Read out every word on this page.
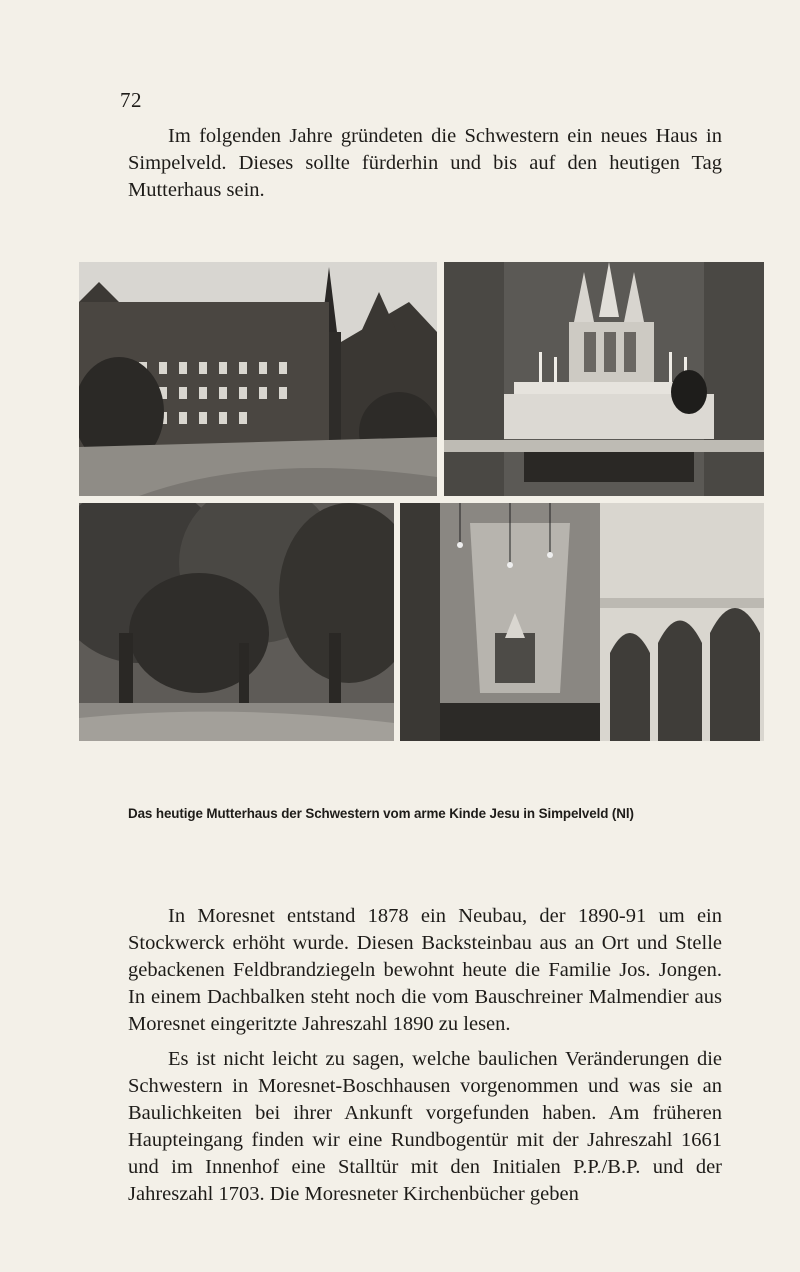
72

Im folgenden Jahre gründeten die Schwestern ein neues Haus in Simpelveld. Dieses sollte fürderhin und bis auf den heutigen Tag Mutterhaus sein.

Das heutige Mutterhaus der Schwestern vom arme Kinde Jesu in Simpelveld (Nl)

In Moresnet entstand 1878 ein Neubau, der 1890-91 um ein Stockwerck erhöht wurde. Diesen Backsteinbau aus an Ort und Stelle gebackenen Feldbrandziegeln bewohnt heute die Familie Jos. Jongen. In einem Dachbalken steht noch die vom Bauschreiner Malmendier aus Moresnet eingeritzte Jahreszahl 1890 zu lesen.

Es ist nicht leicht zu sagen, welche baulichen Veränderungen die Schwestern in Moresnet-Boschhausen vorgenommen und was sie an Baulichkeiten bei ihrer Ankunft vorgefunden haben. Am früheren Haupteingang finden wir eine Rundbogentür mit der Jahreszahl 1661 und im Innenhof eine Stalltür mit den Initialen P.P./B.P. und der Jahreszahl 1703. Die Moresneter Kirchenbücher geben
